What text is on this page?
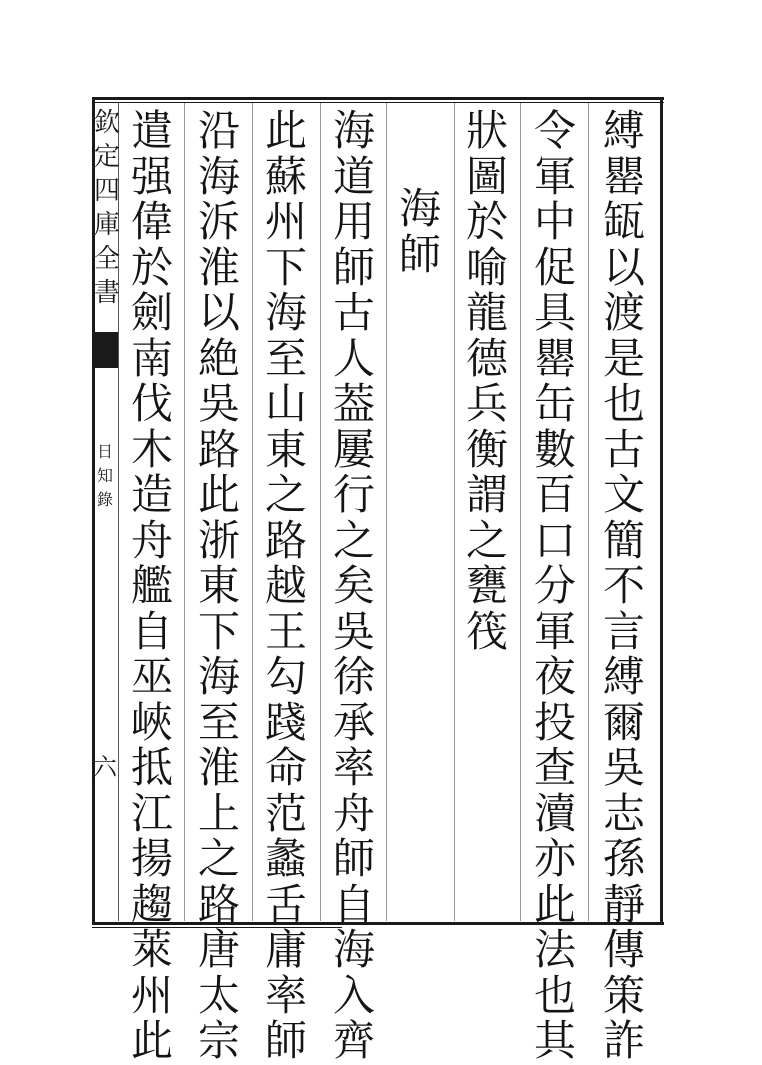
欽定四庫全書
日知錄
六
縛罌缻以渡是也古文簡不言縛爾吳志孫靜傳策詐
令軍中促具罌缶數百口分軍夜投查瀆亦此法也其
狀圖於喻龍德兵衡謂之甕筏
海師
海道用師古人葢屢行之矣吳徐承率舟師自海入齊
此蘇州下海至山東之路越王勾踐命范蠡舌庸率師
沿海泝淮以絶吳路此浙東下海至淮上之路唐太宗
遣强偉於劍南伐木造舟艦自巫峽抵江揚趨萊州此
